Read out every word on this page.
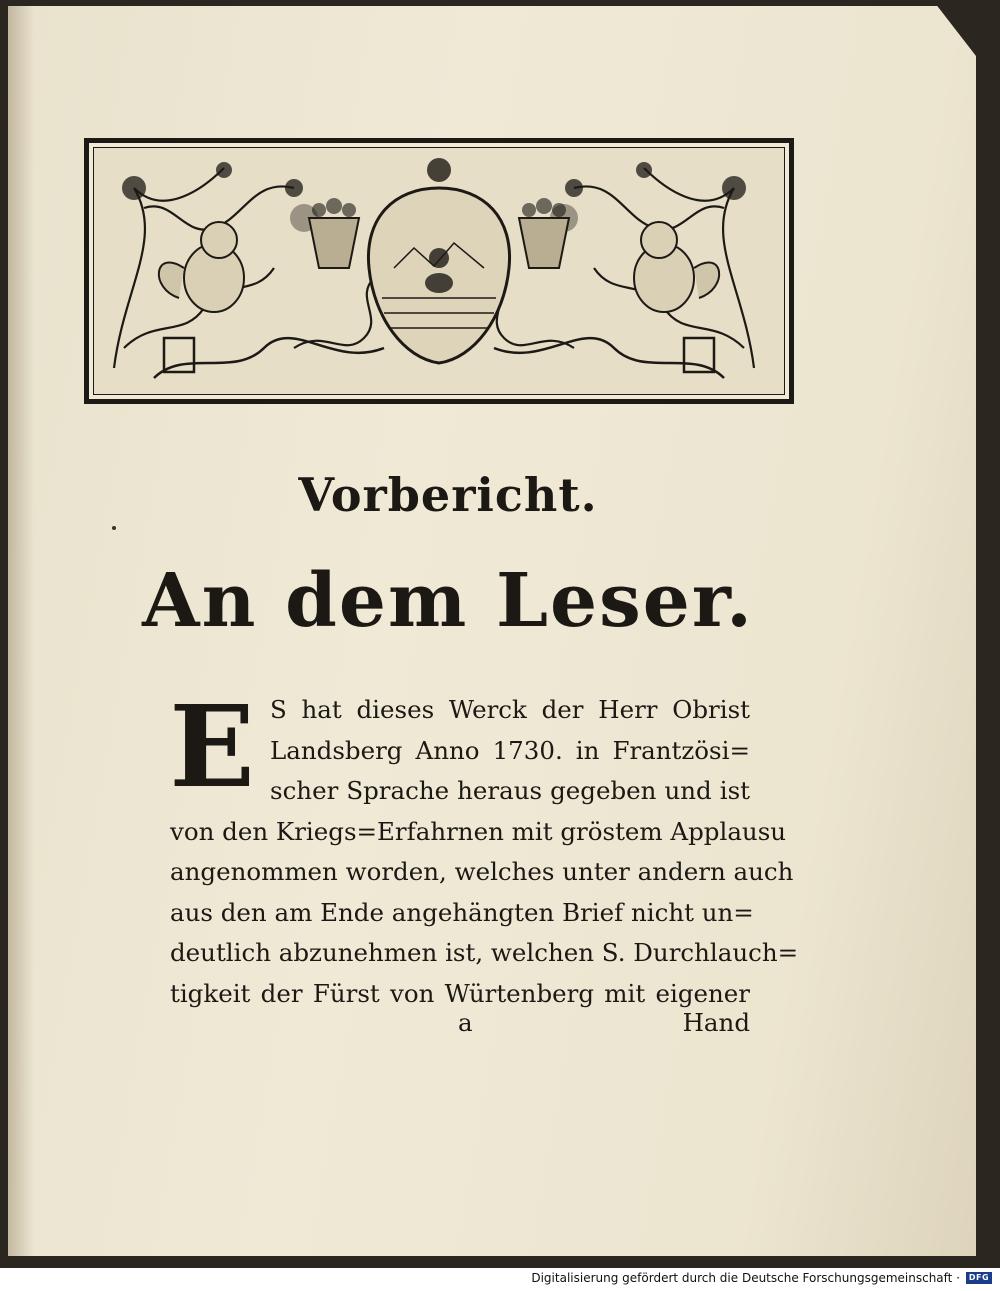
Vorbericht.
An dem Leser.
E S hat dieses Werck der Herr Obrist
Landsberg Anno 1730. in Frantzösi=
scher Sprache heraus gegeben und ist
von den Kriegs=Erfahrnen mit gröstem Applausu
angenommen worden, welches unter andern auch
aus den am Ende angehängten Brief nicht un=
deutlich abzunehmen ist, welchen S. Durchlauch=
tigkeit der Fürst von Würtenberg mit eigener
a	Hand
Digitalisierung gefördert durch die Deutsche Forschungsgemeinschaft ·	DFG
